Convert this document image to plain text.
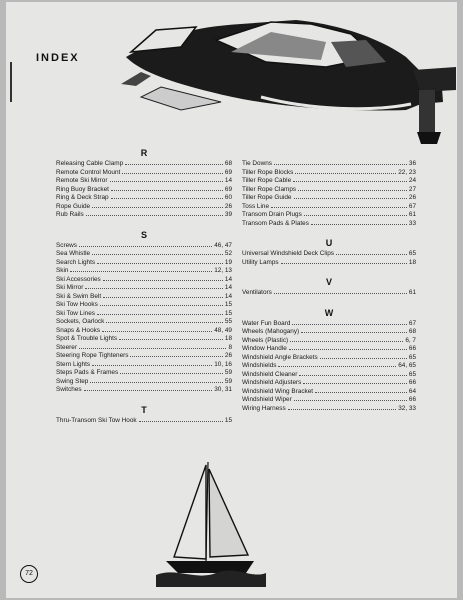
INDEX
R
Releasing Cable Clamp	68
Remote Control Mount	69
Remote Ski Mirror	14
Ring Buoy Bracket	69
Ring & Deck Strap	60
Rope Guide	26
Rub Rails	39
S
Screws	46, 47
Sea Whistle	52
Search Lights	19
Skin	12, 13
Ski Accessories	14
Ski Mirror	14
Ski & Swim Belt	14
Ski Tow Hooks	15
Ski Tow Lines	15
Sockets, Oarlock	55
Snaps & Hooks	48, 49
Spot & Trouble Lights	18
Steerer	8
Steering Rope Tighteners	26
Stern Lights	10, 16
Steps Pads & Frames	59
Swing Step	59
Switches	30, 31
T
Thru-Transom Ski Tow Hook	15
Tie Downs	36
Tiller Rope Blocks	22, 23
Tiller Rope Cable	24
Tiller Rope Clamps	27
Tiller Rope Guide	26
Toss Line	67
Transom Drain Plugs	61
Transom Pads & Plates	33
U
Universal Windshield Deck Clips	65
Utility Lamps	18
V
Ventilators	61
W
Water Fun Board	67
Wheels (Mahogany)	68
Wheels (Plastic)	6, 7
Window Handle	66
Windshield Angle Brackets	65
Windshields	64, 65
Windshield Cleaner	65
Windshield Adjusters	66
Windshield Wing Bracket	64
Windshield Wiper	66
Wiring Harness	32, 33
72
